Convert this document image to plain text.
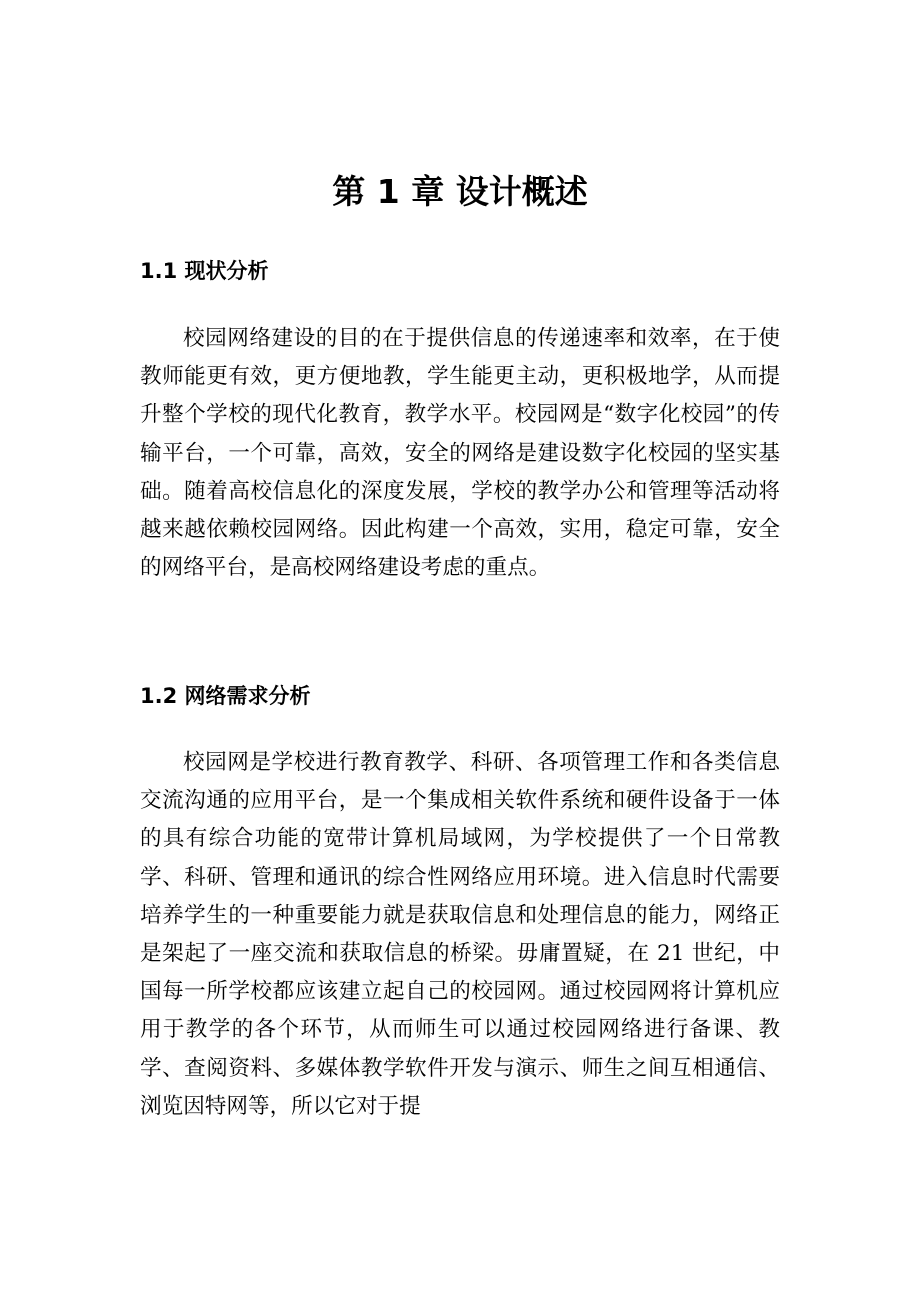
第 1 章 设计概述
1.1 现状分析

校园网络建设的目的在于提供信息的传递速率和效率，在于使教师能更有效，更方便地教，学生能更主动，更积极地学，从而提升整个学校的现代化教育，教学水平。校园网是“数字化校园”的传输平台，一个可靠，高效，安全的网络是建设数字化校园的坚实基础。随着高校信息化的深度发展，学校的教学办公和管理等活动将越来越依赖校园网络。因此构建一个高效，实用，稳定可靠，安全的网络平台，是高校网络建设考虑的重点。

1.2 网络需求分析

校园网是学校进行教育教学、科研、各项管理工作和各类信息交流沟通的应用平台，是一个集成相关软件系统和硬件设备于一体的具有综合功能的宽带计算机局域网，为学校提供了一个日常教学、科研、管理和通讯的综合性网络应用环境。进入信息时代需要培养学生的一种重要能力就是获取信息和处理信息的能力，网络正是架起了一座交流和获取信息的桥梁。毋庸置疑，在 21 世纪，中国每一所学校都应该建立起自己的校园网。通过校园网将计算机应用于教学的各个环节，从而师生可以通过校园网络进行备课、教学、查阅资料、多媒体教学软件开发与演示、师生之间互相通信、浏览因特网等，所以它对于提
